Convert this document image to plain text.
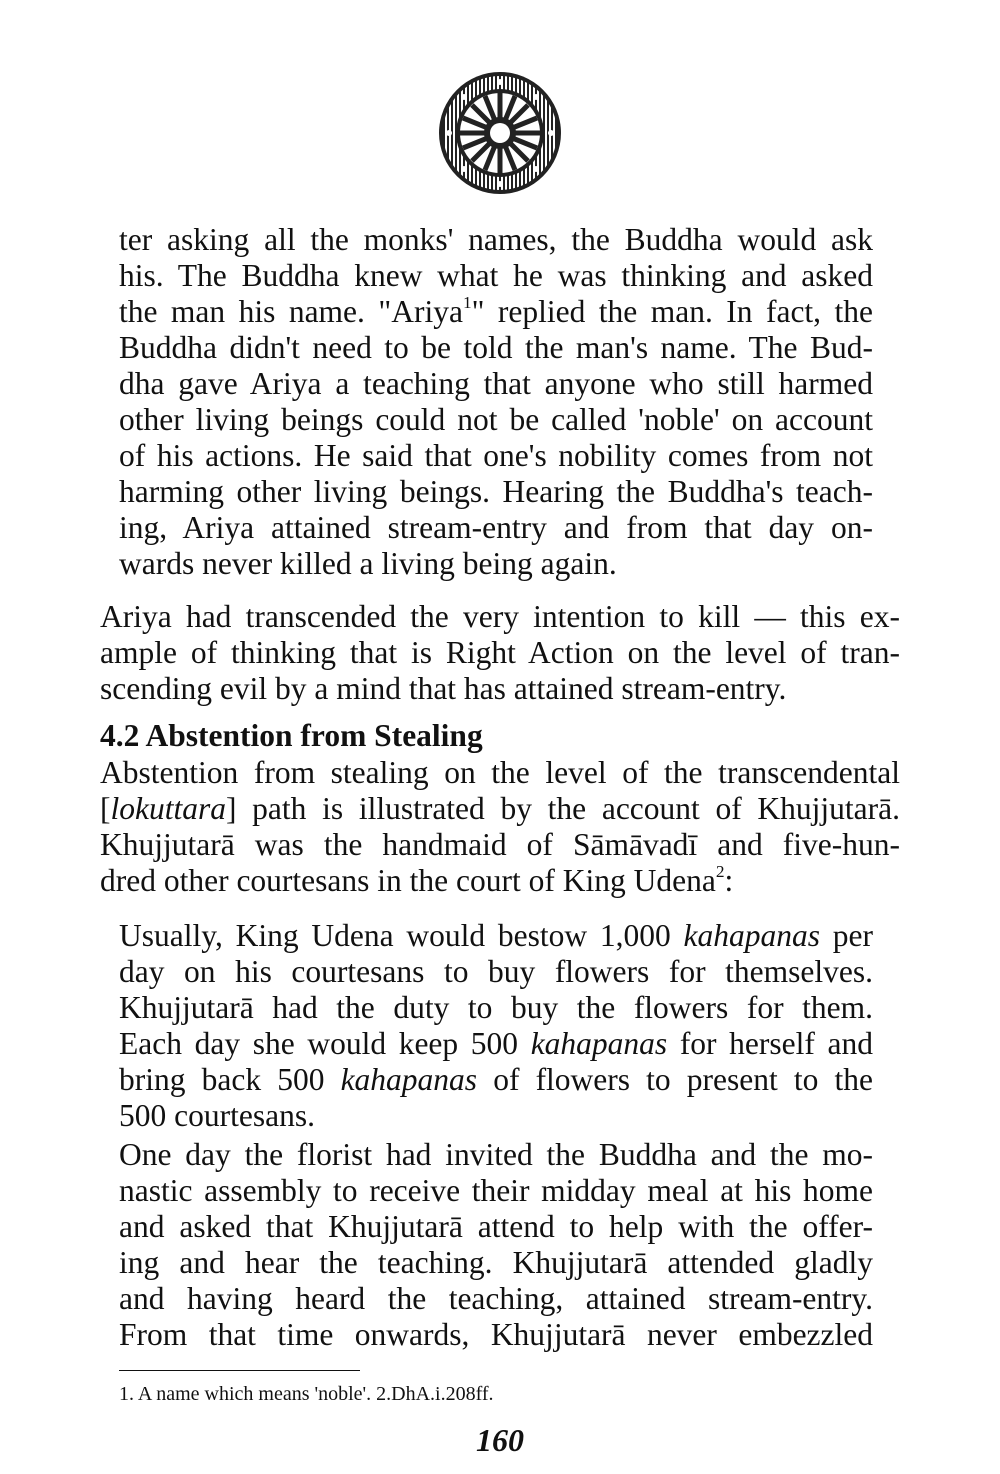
ter asking all the monks' names, the Buddha would ask
his. The Buddha knew what he was thinking and asked
the man his name. "Ariya$^1$" replied the man. In fact, the
Buddha didn't need to be told the man's name. The Bud-
dha gave Ariya a teaching that anyone who still harmed
other living beings could not be called 'noble' on account
of his actions. He said that one's nobility comes from not
harming other living beings. Hearing the Buddha's teach-
ing, Ariya attained stream-entry and from that day on-
wards never killed a living being again.
Ariya had transcended the very intention to kill — this ex-
ample of thinking that is Right Action on the level of tran-
scending evil by a mind that has attained stream-entry.
4.2 Abstention from Stealing
Abstention from stealing on the level of the transcendental
[lokuttara] path is illustrated by the account of Khujjutarā.
Khujjutarā was the handmaid of Sāmāvadī and five-hun-
dred other courtesans in the court of King Udena$^2$:
Usually, King Udena would bestow 1,000 kahapanas per
day on his courtesans to buy flowers for themselves.
Khujjutarā had the duty to buy the flowers for them.
Each day she would keep 500 kahapanas for herself and
bring back 500 kahapanas of flowers to present to the
500 courtesans.
One day the florist had invited the Buddha and the mo-
nastic assembly to receive their midday meal at his home
and asked that Khujjutarā attend to help with the offer-
ing and hear the teaching. Khujjutarā attended gladly
and having heard the teaching, attained stream-entry.
From that time onwards, Khujjutarā never embezzled

1. A name which means 'noble'. 2.DhA.i.208ff.

160
